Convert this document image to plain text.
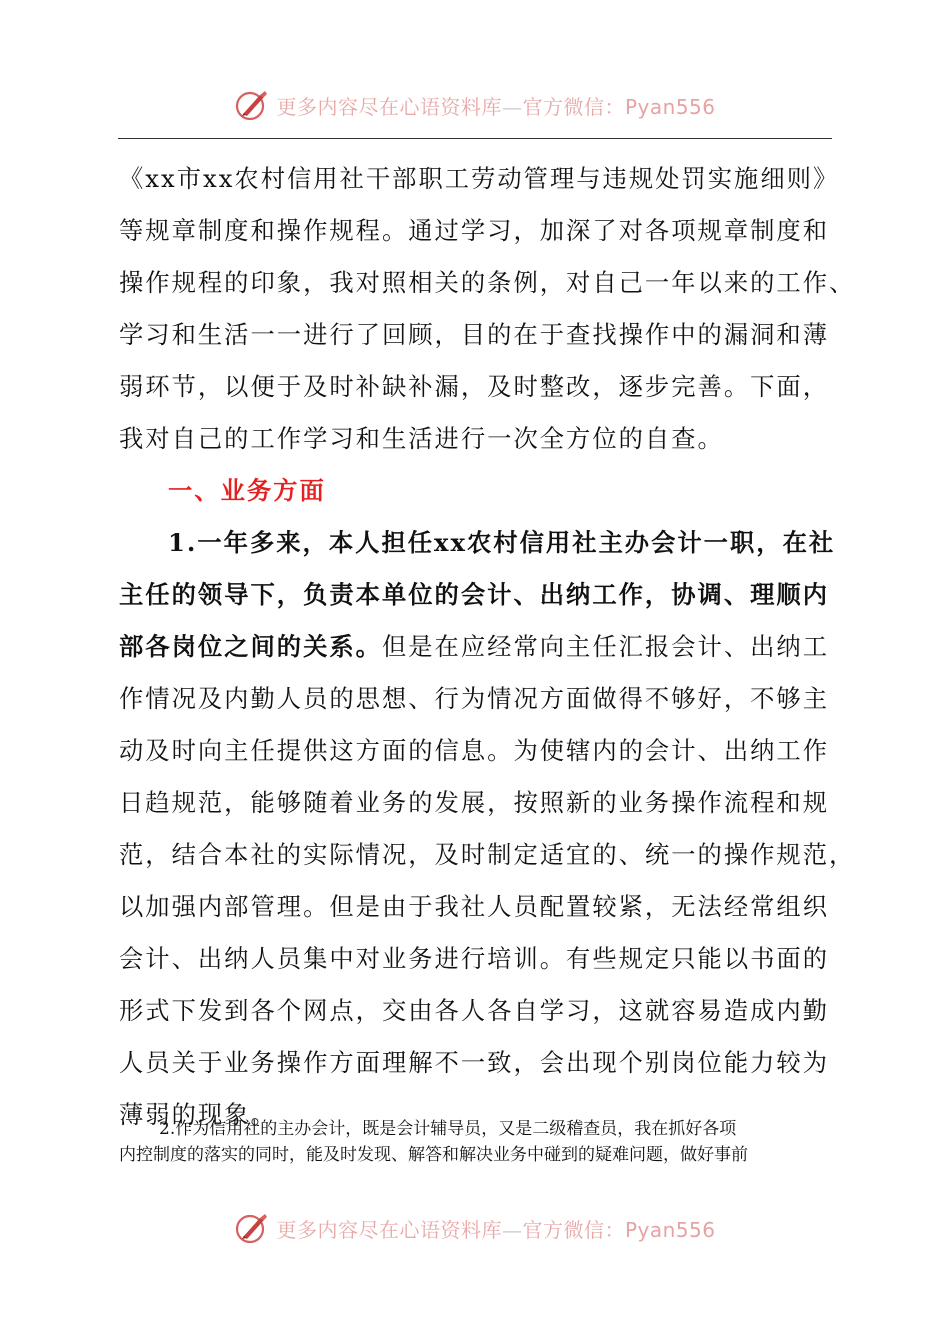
更多内容尽在心语资料库—官方微信：Pyan556
《xx市xx农村信用社干部职工劳动管理与违规处罚实施细则》
等规章制度和操作规程。通过学习，加深了对各项规章制度和
操作规程的印象，我对照相关的条例，对自己一年以来的工作、
学习和生活一一进行了回顾，目的在于查找操作中的漏洞和薄
弱环节，以便于及时补缺补漏，及时整改，逐步完善。下面，
我对自己的工作学习和生活进行一次全方位的自查。
一、业务方面
1.一年多来，本人担任xx农村信用社主办会计一职，在社
主任的领导下，负责本单位的会计、出纳工作，协调、理顺内
部各岗位之间的关系。但是在应经常向主任汇报会计、出纳工
作情况及内勤人员的思想、行为情况方面做得不够好，不够主
动及时向主任提供这方面的信息。为使辖内的会计、出纳工作
日趋规范，能够随着业务的发展，按照新的业务操作流程和规
范，结合本社的实际情况，及时制定适宜的、统一的操作规范，
以加强内部管理。但是由于我社人员配置较紧，无法经常组织
会计、出纳人员集中对业务进行培训。有些规定只能以书面的
形式下发到各个网点，交由各人各自学习，这就容易造成内勤
人员关于业务操作方面理解不一致，会出现个别岗位能力较为
薄弱的现象。
2.作为信用社的主办会计，既是会计辅导员，又是二级稽查员，我在抓好各项
内控制度的落实的同时，能及时发现、解答和解决业务中碰到的疑难问题，做好事前
更多内容尽在心语资料库—官方微信：Pyan556
